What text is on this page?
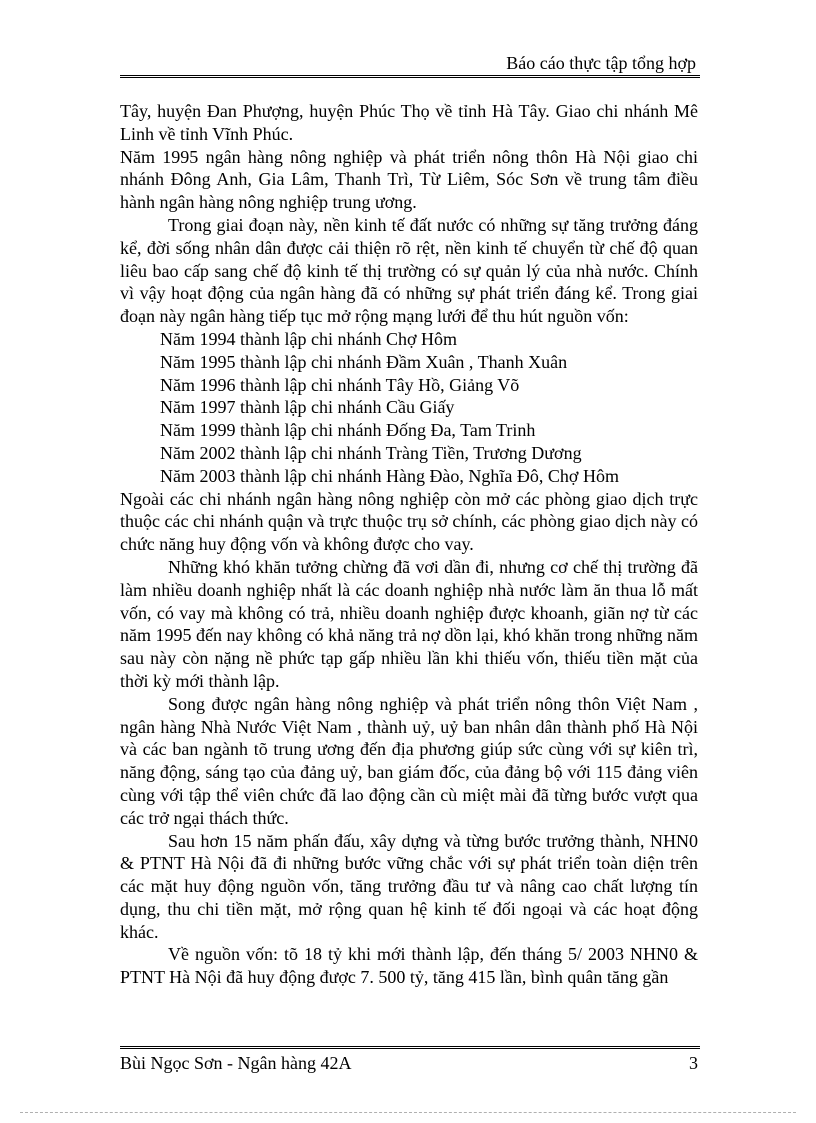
Báo cáo thực tập tổng hợp

Tây, huyện Đan Phượng, huyện Phúc Thọ về tỉnh Hà Tây. Giao chi nhánh Mê Linh về tỉnh Vĩnh Phúc.

Năm 1995 ngân hàng nông nghiệp và phát triển nông thôn Hà Nội giao chi nhánh Đông Anh, Gia Lâm, Thanh Trì, Từ Liêm, Sóc Sơn về trung tâm điều hành ngân hàng nông nghiệp trung ương.

Trong giai đoạn này, nền kinh tế đất nước có những sự tăng trưởng đáng kể, đời sống nhân dân được cải thiện rõ rệt, nền kinh tế chuyển từ chế độ quan liêu bao cấp sang chế độ kinh tế thị trường có sự quản lý của nhà nước. Chính vì vậy hoạt động của ngân hàng đã có những sự phát triển đáng kể. Trong giai đoạn này ngân hàng tiếp tục mở rộng mạng lưới để thu hút nguồn vốn:

Năm 1994 thành lập chi nhánh Chợ Hôm
Năm 1995 thành lập chi nhánh Đầm Xuân , Thanh Xuân
Năm 1996 thành lập chi nhánh Tây Hồ, Giảng Võ
Năm 1997 thành lập chi nhánh Cầu Giấy
Năm 1999 thành lập chi nhánh Đống Đa, Tam Trinh
Năm 2002 thành lập chi nhánh Tràng Tiền, Trương Dương
Năm 2003 thành lập chi nhánh Hàng Đào, Nghĩa Đô, Chợ Hôm

Ngoài các chi nhánh ngân hàng nông nghiệp còn mở các phòng giao dịch trực thuộc các chi nhánh quận và trực thuộc trụ sở chính, các phòng giao dịch này có chức năng huy động vốn và không được cho vay.

Những khó khăn tưởng chừng đã vơi dần đi, nhưng cơ chế thị trường đã làm nhiều doanh nghiệp nhất là các doanh nghiệp nhà nước làm ăn thua lỗ mất vốn, có vay mà không có trả, nhiều doanh nghiệp được khoanh, giãn nợ từ các năm 1995 đến nay không có khả năng trả nợ dồn lại, khó khăn trong những năm sau này còn nặng nề phức tạp gấp nhiều lần khi thiếu vốn, thiếu tiền mặt của thời kỳ mới thành lập.

Song được ngân hàng nông nghiệp và phát triển nông thôn Việt Nam , ngân hàng Nhà Nước Việt Nam , thành uỷ, uỷ ban nhân dân thành phố Hà Nội và các ban ngành tõ trung ương đến địa phương giúp sức cùng với sự kiên trì, năng động, sáng tạo của đảng uỷ, ban giám đốc, của đảng bộ với 115 đảng viên cùng với tập thể viên chức đã lao động cần cù miệt mài đã từng bước vượt qua các trở ngại thách thức.

Sau hơn 15 năm phấn đấu, xây dựng và từng bước trưởng thành, NHN0 & PTNT Hà Nội đã đi những bước vững chắc với sự phát triển toàn diện trên các mặt huy động nguồn vốn, tăng trưởng đầu tư và nâng cao chất lượng tín dụng, thu chi tiền mặt, mở rộng quan hệ kinh tế đối ngoại và các hoạt động khác.

Về nguồn vốn: tõ 18 tỷ khi mới thành lập, đến tháng 5/ 2003 NHN0 & PTNT Hà Nội đã huy động được 7. 500 tỷ, tăng 415 lần, bình quân tăng gần

Bùi Ngọc Sơn - Ngân hàng 42A	3
